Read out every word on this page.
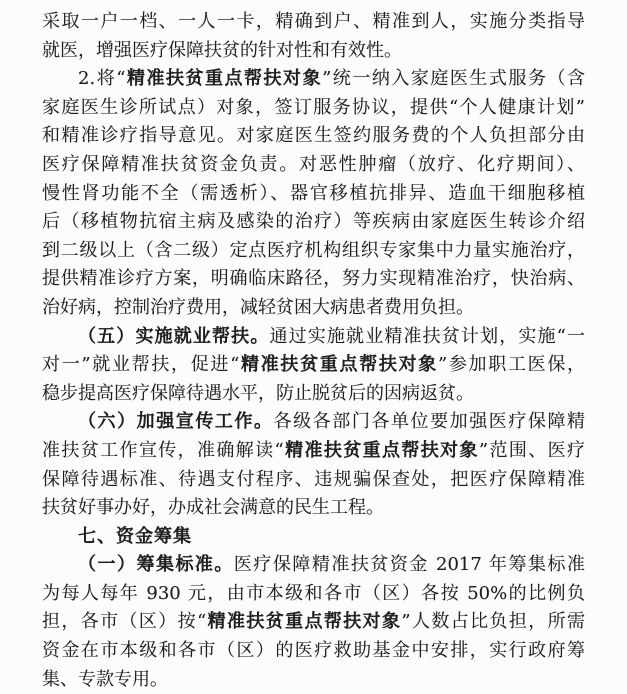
采取一户一档、一人一卡，精确到户、精准到人，实施分类指导
就医，增强医疗保障扶贫的针对性和有效性。
2.将“精准扶贫重点帮扶对象”统一纳入家庭医生式服务（含
家庭医生诊所试点）对象，签订服务协议，提供“个人健康计划”
和精准诊疗指导意见。对家庭医生签约服务费的个人负担部分由
医疗保障精准扶贫资金负责。对恶性肿瘤（放疗、化疗期间）、
慢性肾功能不全（需透析）、器官移植抗排异、造血干细胞移植
后（移植物抗宿主病及感染的治疗）等疾病由家庭医生转诊介绍
到二级以上（含二级）定点医疗机构组织专家集中力量实施治疗，
提供精准诊疗方案，明确临床路径，努力实现精准治疗，快治病、
治好病，控制治疗费用，减轻贫困大病患者费用负担。
（五）实施就业帮扶。通过实施就业精准扶贫计划，实施“一
对一”就业帮扶，促进“精准扶贫重点帮扶对象”参加职工医保，
稳步提高医疗保障待遇水平，防止脱贫后的因病返贫。
（六）加强宣传工作。各级各部门各单位要加强医疗保障精
准扶贫工作宣传，准确解读“精准扶贫重点帮扶对象”范围、医疗
保障待遇标准、待遇支付程序、违规骗保查处，把医疗保障精准
扶贫好事办好，办成社会满意的民生工程。
七、资金筹集
（一）筹集标准。医疗保障精准扶贫资金 2017 年筹集标准
为每人每年 930 元，由市本级和各市（区）各按 50%的比例负
担，各市（区）按“精准扶贫重点帮扶对象”人数占比负担，所需
资金在市本级和各市（区）的医疗救助基金中安排，实行政府筹
集、专款专用。
